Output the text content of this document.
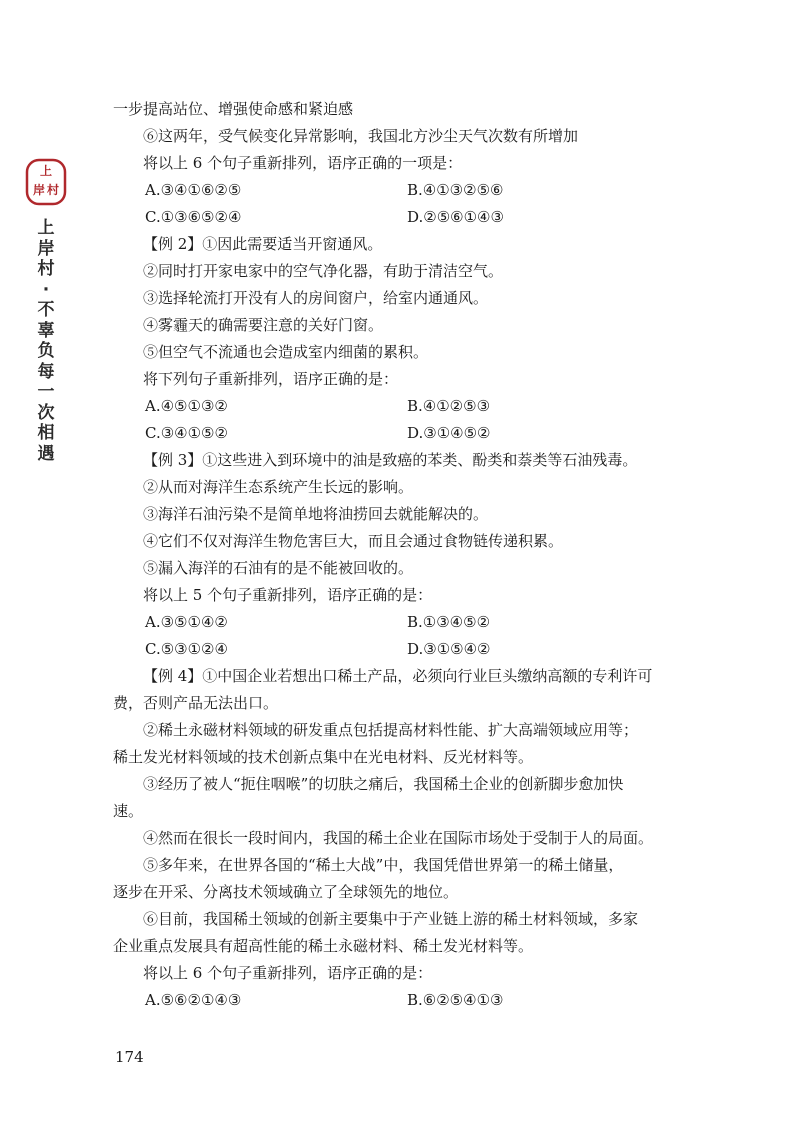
上
岸 村
上
岸
村
·
不
辜
负
每
一
次
相
遇

一步提高站位、增强使命感和紧迫感

⑥这两年，受气候变化异常影响，我国北方沙尘天气次数有所增加

将以上 6 个句子重新排列，语序正确的一项是：

A.③④①⑥②⑤	B.④①③②⑤⑥
C.①③⑥⑤②④	D.②⑤⑥①④③

【例 2】①因此需要适当开窗通风。

②同时打开家电家中的空气净化器，有助于清洁空气。

③选择轮流打开没有人的房间窗户，给室内通通风。

④雾霾天的确需要注意的关好门窗。

⑤但空气不流通也会造成室内细菌的累积。

将下列句子重新排列，语序正确的是：

A.④⑤①③②	B.④①②⑤③
C.③④①⑤②	D.③①④⑤②

【例 3】①这些进入到环境中的油是致癌的苯类、酚类和萘类等石油残毒。

②从而对海洋生态系统产生长远的影响。

③海洋石油污染不是简单地将油捞回去就能解决的。

④它们不仅对海洋生物危害巨大，而且会通过食物链传递积累。

⑤漏入海洋的石油有的是不能被回收的。

将以上 5 个句子重新排列，语序正确的是：

A.③⑤①④②	B.①③④⑤②
C.⑤③①②④	D.③①⑤④②

【例 4】①中国企业若想出口稀土产品，必须向行业巨头缴纳高额的专利许可

费，否则产品无法出口。

②稀土永磁材料领域的研发重点包括提高材料性能、扩大高端领域应用等；

稀土发光材料领域的技术创新点集中在光电材料、反光材料等。

③经历了被人“扼住咽喉”的切肤之痛后，我国稀土企业的创新脚步愈加快

速。

④然而在很长一段时间内，我国的稀土企业在国际市场处于受制于人的局面。

⑤多年来，在世界各国的“稀土大战”中，我国凭借世界第一的稀土储量，

逐步在开采、分离技术领域确立了全球领先的地位。

⑥目前，我国稀土领域的创新主要集中于产业链上游的稀土材料领域，多家

企业重点发展具有超高性能的稀土永磁材料、稀土发光材料等。

将以上 6 个句子重新排列，语序正确的是：

A.⑤⑥②①④③	B.⑥②⑤④①③
174
